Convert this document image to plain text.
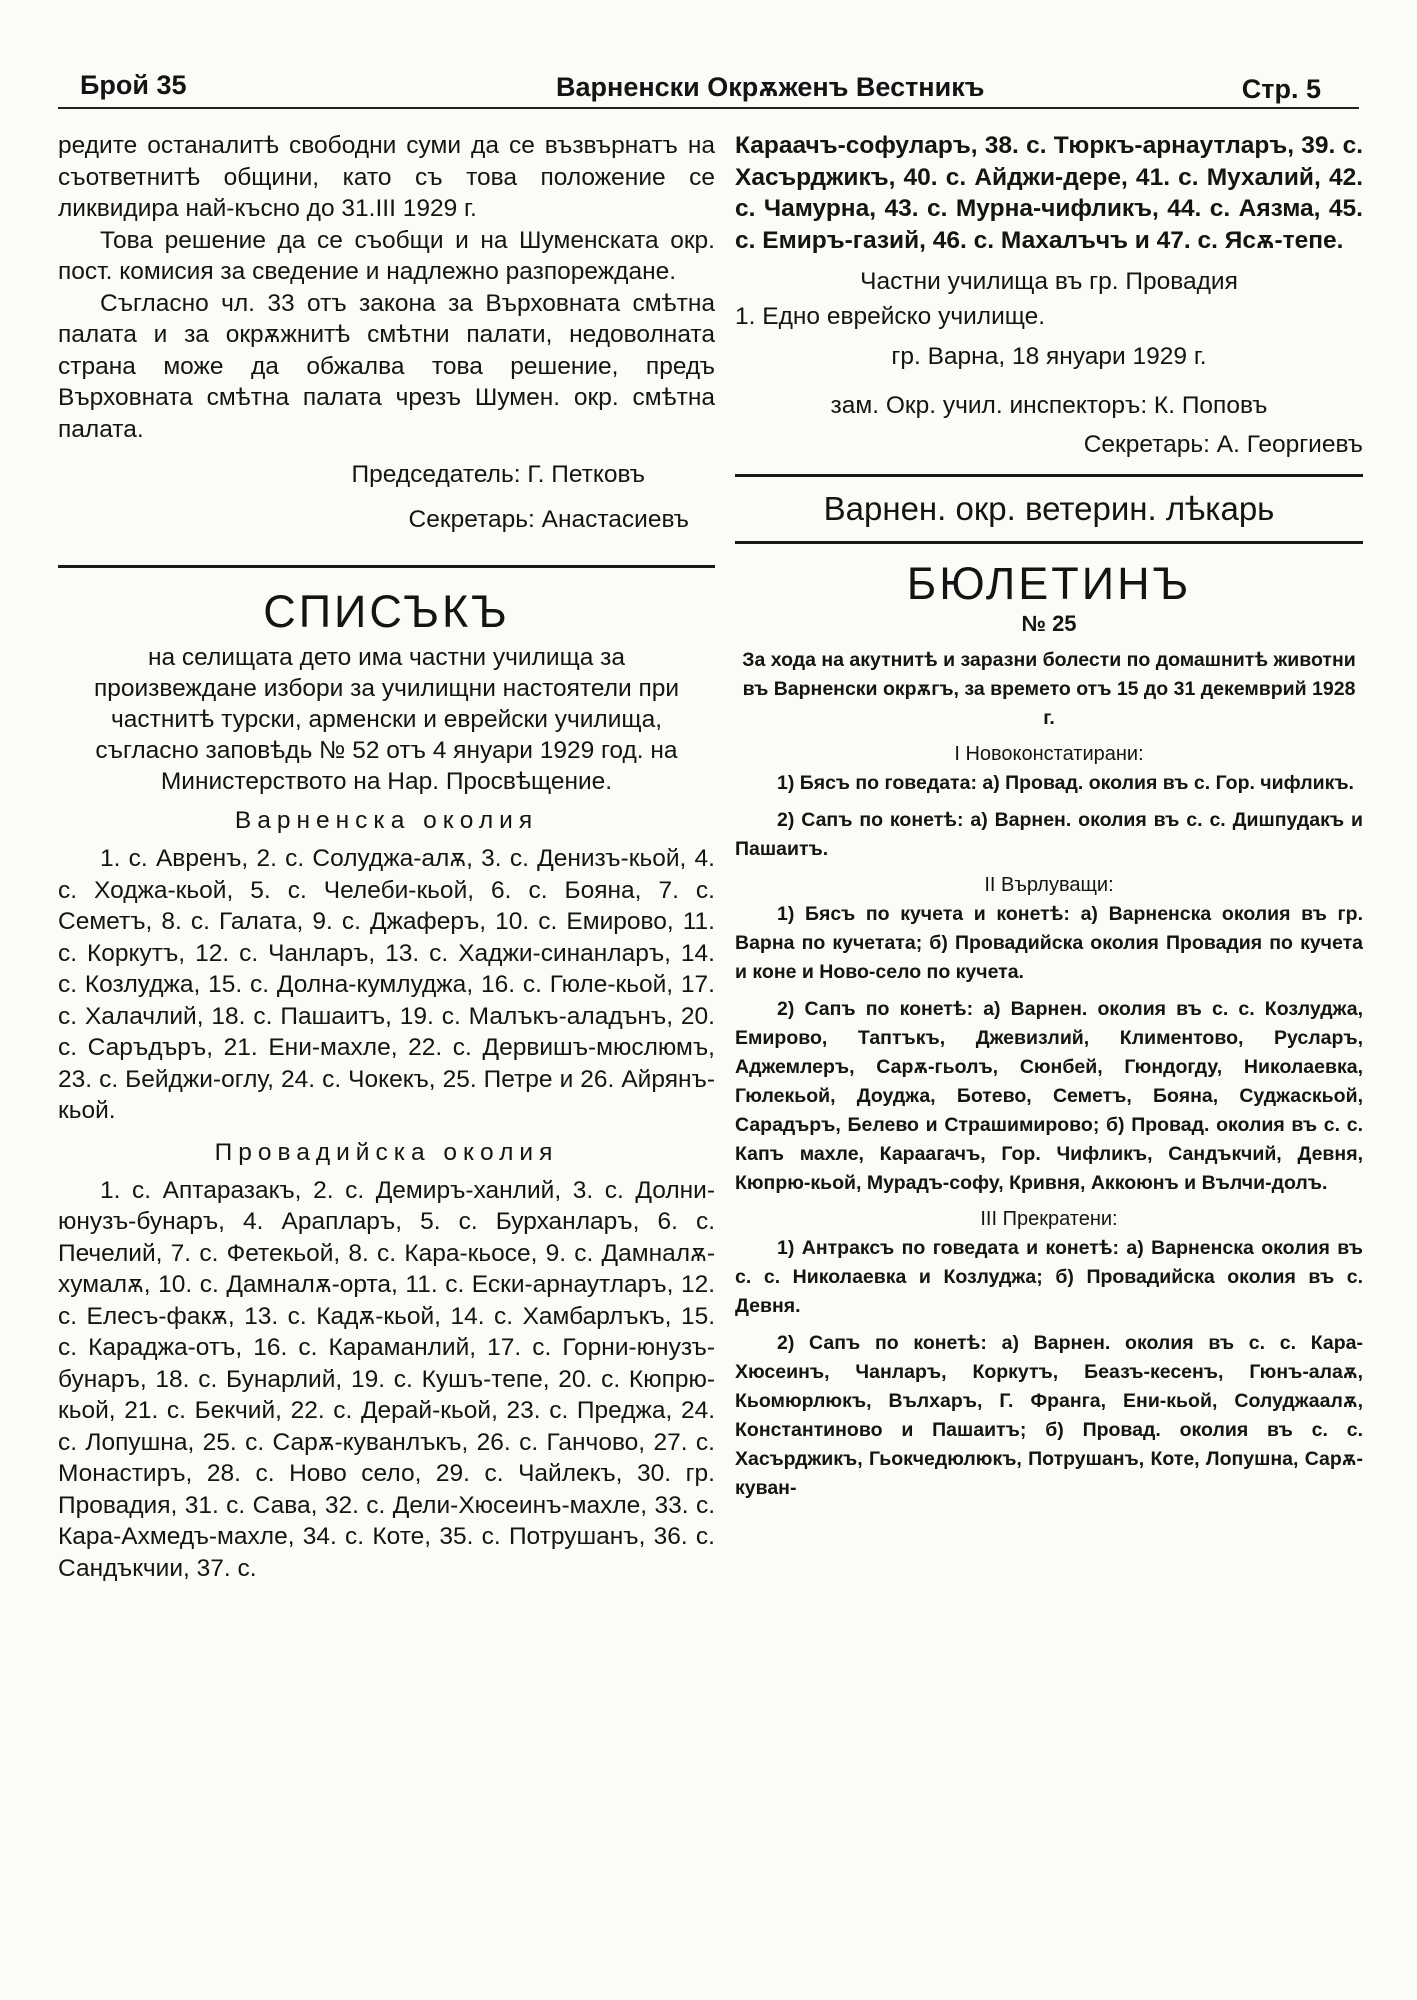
Брой 35	Варненски Окрѫженъ Вестникъ	Стр. 5

редите останалитѣ свободни суми да се възвърнатъ на съответнитѣ общини, като съ това положение се ликвидира най-късно до 31.III 1929 г.

Това решение да се съобщи и на Шуменската окр. пост. комисия за сведение и надлежно разпореждане.

Съгласно чл. 33 отъ закона за Върховната смѣтна палата и за окрѫжнитѣ смѣтни палати, недоволната страна може да обжалва това решение, предъ Върховната смѣтна палата чрезъ Шумен. окр. смѣтна палата.

Председатель: Г. Петковъ

Секретарь: Анастасиевъ

СПИСЪКЪ

на селищата дето има частни училища за произвеждане избори за училищни настоятели при частнитѣ турски, арменски и еврейски училища, съгласно заповѣдь № 52 отъ 4 януари 1929 год. на Министерството на Нар. Просвѣщение.

Варненска околия

1. с. Авренъ, 2. с. Солуджа-алѫ, 3. с. Денизъ-кьой, 4. с. Ходжа-кьой, 5. с. Челеби-кьой, 6. с. Бояна, 7. с. Семетъ, 8. с. Галата, 9. с. Джаферъ, 10. с. Емирово, 11. с. Коркутъ, 12. с. Чанларъ, 13. с. Хаджи-синанларъ, 14. с. Козлуджа, 15. с. Долна-кумлуджа, 16. с. Гюле-кьой, 17. с. Халачлий, 18. с. Пашаитъ, 19. с. Малъкъ-аладънъ, 20. с. Саръдъръ, 21. Ени-махле, 22. с. Дервишъ-мюслюмъ, 23. с. Бейджи-оглу, 24. с. Чокекъ, 25. Петре и 26. Айрянъ-кьой.

Провадийска околия

1. с. Аптаразакъ, 2. с. Демиръ-ханлий, 3. с. Долни-юнузъ-бунаръ, 4. Арапларъ, 5. с. Бурханларъ, 6. с. Печелий, 7. с. Фетекьой, 8. с. Кара-кьосе, 9. с. Дамналѫ-хумалѫ, 10. с. Дамналѫ-орта, 11. с. Ески-арнаутларъ, 12. с. Елесъ-факѫ, 13. с. Кадѫ-кьой, 14. с. Хамбарлъкъ, 15. с. Караджа-отъ, 16. с. Караманлий, 17. с. Горни-юнузъ-бунаръ, 18. с. Бунарлий, 19. с. Кушъ-тепе, 20. с. Кюпрю-кьой, 21. с. Бекчий, 22. с. Дерай-кьой, 23. с. Преджа, 24. с. Лопушна, 25. с. Сарѫ-куванлъкъ, 26. с. Ганчово, 27. с. Монастиръ, 28. с. Ново село, 29. с. Чайлекъ, 30. гр. Провадия, 31. с. Сава, 32. с. Дели-Хюсеинъ-махле, 33. с. Кара-Ахмедъ-махле, 34. с. Коте, 35. с. Потрушанъ, 36. с. Сандъкчии, 37. с.

Караачъ-софуларъ, 38. с. Тюркъ-арнаутларъ, 39. с. Хасърджикъ, 40. с. Айджи-дере, 41. с. Мухалий, 42. с. Чамурна, 43. с. Мурна-чифликъ, 44. с. Аязма, 45. с. Емиръ-газий, 46. с. Махалъчъ и 47. с. Ясѫ-тепе.

Частни училища въ гр. Провадия

1. Едно еврейско училище.

гр. Варна, 18 януари 1929 г.

зам. Окр. учил. инспекторъ: К. Поповъ

Секретарь: А. Георгиевъ

Варнен. окр. ветерин. лѣкарь

БЮЛЕТИНЪ

№ 25

За хода на акутнитѣ и заразни болести по домашнитѣ животни въ Варненски окрѫгъ, за времето отъ 15 до 31 декемврий 1928 г.

I Новоконстатирани:

1) Бясъ по говедата: а) Провад. околия въ с. Гор. чифликъ.

2) Сапъ по конетѣ: а) Варнен. околия въ с. с. Дишпудакъ и Пашаитъ.

II Върлуващи:

1) Бясъ по кучета и конетѣ: а) Варненска околия въ гр. Варна по кучетата; б) Провадийска околия Провадия по кучета и коне и Ново-село по кучета.

2) Сапъ по конетѣ: а) Варнен. околия въ с. с. Козлуджа, Емирово, Таптъкъ, Джевизлий, Климентово, Русларъ, Аджемлеръ, Сарѫ-гьолъ, Сюнбей, Гюндогду, Николаевка, Гюлекьой, Доуджа, Ботево, Семетъ, Бояна, Суджаскьой, Сарадъръ, Белево и Страшимирово; б) Провад. околия въ с. с. Капъ махле, Караагачъ, Гор. Чифликъ, Сандъкчий, Девня, Кюпрю-кьой, Мурадъ-софу, Кривня, Аккоюнъ и Вълчи-долъ.

III Прекратени:

1) Антраксъ по говедата и конетѣ: а) Варненска околия въ с. с. Николаевка и Козлуджа; б) Провадийска околия въ с. Девня.

2) Сапъ по конетѣ: а) Варнен. околия въ с. с. Кара-Хюсеинъ, Чанларъ, Коркутъ, Беазъ-кесенъ, Гюнъ-алаѫ, Кьомюрлюкъ, Вълхаръ, Г. Франга, Ени-кьой, Солуджаалѫ, Константиново и Пашаитъ; б) Провад. околия въ с. с. Хасърджикъ, Гьокчедюлюкъ, Потрушанъ, Коте, Лопушна, Сарѫ-куван-
